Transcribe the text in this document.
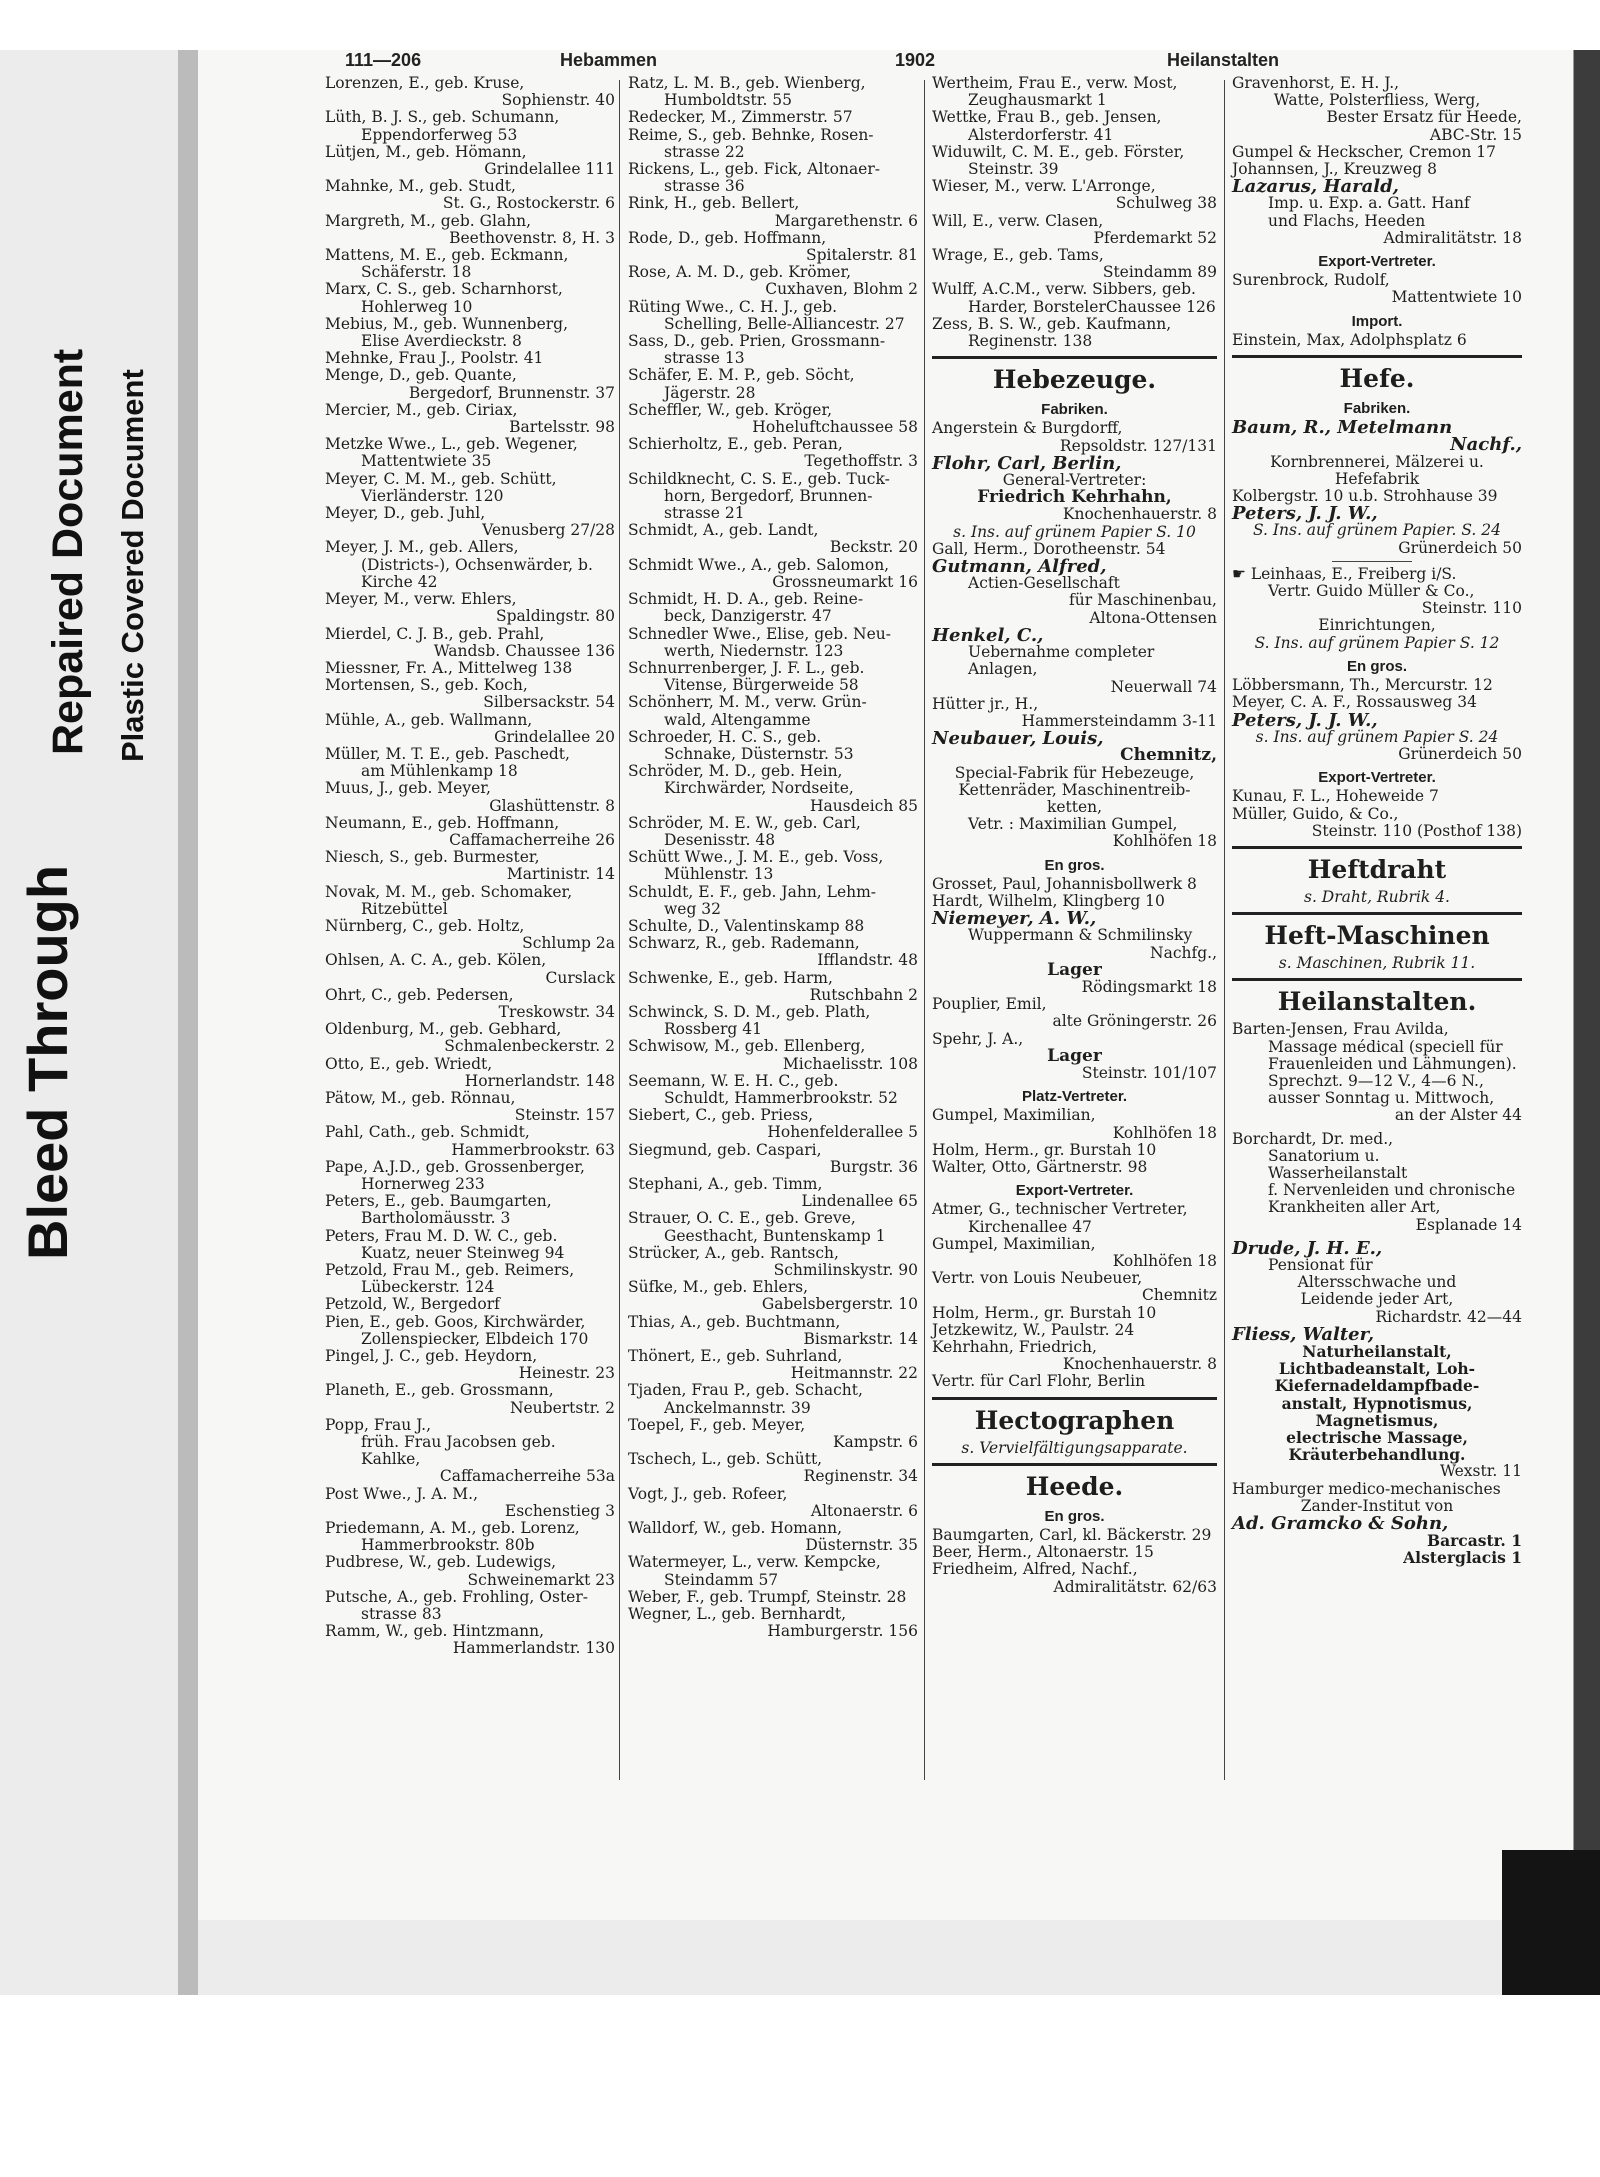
Bleed Through
Repaired Document Plastic Covered Document
111—206	Hebammen	1902	Heilanstalten
Lorenzen, E., geb. Kruse,
Sophienstr. 40
Lüth, B. J. S., geb. Schumann,
Eppendorferweg 53
Lütjen, M., geb. Hömann,
Grindelallee 111
Mahnke, M., geb. Studt,
St. G., Rostockerstr. 6
Margreth, M., geb. Glahn,
Beethovenstr. 8, H. 3
Mattens, M. E., geb. Eckmann,
Schäferstr. 18
Marx, C. S., geb. Scharnhorst,
Hohlerweg 10
Mebius, M., geb. Wunnenberg,
Elise Averdieckstr. 8
Mehnke, Frau J., Poolstr. 41
Menge, D., geb. Quante,
Bergedorf, Brunnenstr. 37
Mercier, M., geb. Ciriax,
Bartelsstr. 98
Metzke Wwe., L., geb. Wegener,
Mattentwiete 35
Meyer, C. M. M., geb. Schütt,
Vierländerstr. 120
Meyer, D., geb. Juhl,
Venusberg 27/28
Meyer, J. M., geb. Allers,
(Districts-), Ochsenwärder, b.
Kirche 42
Meyer, M., verw. Ehlers,
Spaldingstr. 80
Mierdel, C. J. B., geb. Prahl,
Wandsb. Chaussee 136
Miessner, Fr. A., Mittelweg 138
Mortensen, S., geb. Koch,
Silbersackstr. 54
Mühle, A., geb. Wallmann,
Grindelallee 20
Müller, M. T. E., geb. Paschedt,
am Mühlenkamp 18
Muus, J., geb. Meyer,
Glashüttenstr. 8
Neumann, E., geb. Hoffmann,
Caffamacherreihe 26
Niesch, S., geb. Burmester,
Martinistr. 14
Novak, M. M., geb. Schomaker,
Ritzebüttel
Nürnberg, C., geb. Holtz,
Schlump 2a
Ohlsen, A. C. A., geb. Kölen,
Curslack
Ohrt, C., geb. Pedersen,
Treskowstr. 34
Oldenburg, M., geb. Gebhard,
Schmalenbeckerstr. 2
Otto, E., geb. Wriedt,
Hornerlandstr. 148
Pätow, M., geb. Rönnau,
Steinstr. 157
Pahl, Cath., geb. Schmidt,
Hammerbrookstr. 63
Pape, A.J.D., geb. Grossenberger,
Hornerweg 233
Peters, E., geb. Baumgarten,
Bartholomäusstr. 3
Peters, Frau M. D. W. C., geb.
Kuatz, neuer Steinweg 94
Petzold, Frau M., geb. Reimers,
Lübeckerstr. 124
Petzold, W., Bergedorf
Pien, E., geb. Goos, Kirchwärder,
Zollenspiecker, Elbdeich 170
Pingel, J. C., geb. Heydorn,
Heinestr. 23
Planeth, E., geb. Grossmann,
Neubertstr. 2
Popp, Frau J.,
früh. Frau Jacobsen geb. Kahlke,
Caffamacherreihe 53a
Post Wwe., J. A. M.,
Eschenstieg 3
Priedemann, A. M., geb. Lorenz,
Hammerbrookstr. 80b
Pudbrese, W., geb. Ludewigs,
Schweinemarkt 23
Putsche, A., geb. Frohling, Oster-
strasse 83
Ramm, W., geb. Hintzmann,
Hammerlandstr. 130
Ratz, L. M. B., geb. Wienberg,
Humboldtstr. 55
Redecker, M., Zimmerstr. 57
Reime, S., geb. Behnke, Rosen-
strasse 22
Rickens, L., geb. Fick, Altonaer-
strasse 36
Rink, H., geb. Bellert,
Margarethenstr. 6
Rode, D., geb. Hoffmann,
Spitalerstr. 81
Rose, A. M. D., geb. Krömer,
Cuxhaven, Blohm 2
Rüting Wwe., C. H. J., geb.
Schelling, Belle-Alliancestr. 27
Sass, D., geb. Prien, Grossmann-
strasse 13
Schäfer, E. M. P., geb. Söcht,
Jägerstr. 28
Scheffler, W., geb. Kröger,
Hoheluftchaussee 58
Schierholtz, E., geb. Peran,
Tegethoffstr. 3
Schildknecht, C. S. E., geb. Tuck-
horn, Bergedorf, Brunnen-
strasse 21
Schmidt, A., geb. Landt,
Beckstr. 20
Schmidt Wwe., A., geb. Salomon,
Grossneumarkt 16
Schmidt, H. D. A., geb. Reine-
beck, Danzigerstr. 47
Schnedler Wwe., Elise, geb. Neu-
werth, Niedernstr. 123
Schnurrenberger, J. F. L., geb.
Vitense, Bürgerweide 58
Schönherr, M. M., verw. Grün-
wald, Altengamme
Schroeder, H. C. S., geb.
Schnake, Düsternstr. 53
Schröder, M. D., geb. Hein,
Kirchwärder, Nordseite,
Hausdeich 85
Schröder, M. E. W., geb. Carl,
Desenisstr. 48
Schütt Wwe., J. M. E., geb. Voss,
Mühlenstr. 13
Schuldt, E. F., geb. Jahn, Lehm-
weg 32
Schulte, D., Valentinskamp 88
Schwarz, R., geb. Rademann,
Ifflandstr. 48
Schwenke, E., geb. Harm,
Rutschbahn 2
Schwinck, S. D. M., geb. Plath,
Rossberg 41
Schwisow, M., geb. Ellenberg,
Michaelisstr. 108
Seemann, W. E. H. C., geb.
Schuldt, Hammerbrookstr. 52
Siebert, C., geb. Priess,
Hohenfelderallee 5
Siegmund, geb. Caspari,
Burgstr. 36
Stephani, A., geb. Timm,
Lindenallee 65
Strauer, O. C. E., geb. Greve,
Geesthacht, Buntenskamp 1
Strücker, A., geb. Rantsch,
Schmilinskystr. 90
Süfke, M., geb. Ehlers,
Gabelsbergerstr. 10
Thias, A., geb. Buchtmann,
Bismarkstr. 14
Thönert, E., geb. Suhrland,
Heitmannstr. 22
Tjaden, Frau P., geb. Schacht,
Anckelmannstr. 39
Toepel, F., geb. Meyer,
Kampstr. 6
Tschech, L., geb. Schütt,
Reginenstr. 34
Vogt, J., geb. Rofeer,
Altonaerstr. 6
Walldorf, W., geb. Homann,
Düsternstr. 35
Watermeyer, L., verw. Kempcke,
Steindamm 57
Weber, F., geb. Trumpf, Steinstr. 28
Wegner, L., geb. Bernhardt,
Hamburgerstr. 156
Wertheim, Frau E., verw. Most,
Zeughausmarkt 1
Wettke, Frau B., geb. Jensen,
Alsterdorferstr. 41
Widuwilt, C. M. E., geb. Förster,
Steinstr. 39
Wieser, M., verw. L'Arronge,
Schulweg 38
Will, E., verw. Clasen,
Pferdemarkt 52
Wrage, E., geb. Tams,
Steindamm 89
Wulff, A.C.M., verw. Sibbers, geb.
Harder, BorstelerChaussee 126
Zess, B. S. W., geb. Kaufmann,
Reginenstr. 138
Hebezeuge.
Fabriken.
Angerstein & Burgdorff,
Repsoldstr. 127/131
Flohr, Carl, Berlin,
General-Vertreter:
Friedrich Kehrhahn,
Knochenhauerstr. 8
s. Ins. auf grünem Papier S. 10
Gall, Herm., Dorotheenstr. 54
Gutmann, Alfred,
Actien-Gesellschaft
für Maschinenbau,
Altona-Ottensen
Henkel, C.,
Uebernahme completer Anlagen,
Neuerwall 74
Hütter jr., H.,
Hammersteindamm 3-11
Neubauer, Louis,
Chemnitz,
Special-Fabrik für Hebezeuge,
Kettenräder, Maschinentreib-
ketten,
Vetr. : Maximilian Gumpel,
Kohlhöfen 18
En gros.
Grosset, Paul, Johannisbollwerk 8
Hardt, Wilhelm, Klingberg 10
Niemeyer, A. W.,
Wuppermann & Schmilinsky
Nachfg.,
Lager
Rödingsmarkt 18
Pouplier, Emil,
alte Gröningerstr. 26
Spehr, J. A.,
Lager
Steinstr. 101/107
Platz-Vertreter.
Gumpel, Maximilian,
Kohlhöfen 18
Holm, Herm., gr. Burstah 10
Walter, Otto, Gärtnerstr. 98
Export-Vertreter.
Atmer, G., technischer Vertreter,
Kirchenallee 47
Gumpel, Maximilian,
Kohlhöfen 18
Vertr. von Louis Neubeuer,
Chemnitz
Holm, Herm., gr. Burstah 10
Jetzkewitz, W., Paulstr. 24
Kehrhahn, Friedrich,
Knochenhauerstr. 8
Vertr. für Carl Flohr, Berlin
Hectographen
s. Vervielfältigungsapparate.
Heede.
En gros.
Baumgarten, Carl, kl. Bäckerstr. 29
Beer, Herm., Altonaerstr. 15
Friedheim, Alfred, Nachf.,
Admiralitätstr. 62/63
Gravenhorst, E. H. J.,
Watte, Polsterfliess, Werg,
Bester Ersatz für Heede,
ABC-Str. 15
Gumpel & Heckscher, Cremon 17
Johannsen, J., Kreuzweg 8
Lazarus, Harald,
Imp. u. Exp. a. Gatt. Hanf
und Flachs, Heeden
Admiralitätstr. 18
Export-Vertreter.
Surenbrock, Rudolf,
Mattentwiete 10
Import.
Einstein, Max, Adolphsplatz 6
Hefe.
Fabriken.
Baum, R., Metelmann
Nachf.,
Kornbrennerei, Mälzerei u.
Hefefabrik
Kolbergstr. 10 u.b. Strohhause 39
Peters, J. J. W.,
S. Ins. auf grünem Papier. S. 24
Grünerdeich 50
☛ Leinhaas, E., Freiberg i/S.
Vertr. Guido Müller & Co.,
Steinstr. 110
Einrichtungen,
S. Ins. auf grünem Papier S. 12
En gros.
Löbbersmann, Th., Mercurstr. 12
Meyer, C. A. F., Rossausweg 34
Peters, J. J. W.,
s. Ins. auf grünem Papier S. 24
Grünerdeich 50
Export-Vertreter.
Kunau, F. L., Hoheweide 7
Müller, Guido, & Co.,
Steinstr. 110 (Posthof 138)
Heftdraht
s. Draht, Rubrik 4.
Heft-Maschinen
s. Maschinen, Rubrik 11.
Heilanstalten.
Barten-Jensen, Frau Avilda,
Massage médical (speciell für
Frauenleiden und Lähmungen).
Sprechzt. 9—12 V., 4—6 N.,
ausser Sonntag u. Mittwoch,
an der Alster 44
Borchardt, Dr. med.,
Sanatorium u. Wasserheilanstalt
f. Nervenleiden und chronische
Krankheiten aller Art,
Esplanade 14
Drude, J. H. E.,
Pensionat für
Altersschwache und
Leidende jeder Art,
Richardstr. 42—44
Fliess, Walter,
Naturheilanstalt,
Lichtbadeanstalt, Loh-
Kiefernadeldampfbade-
anstalt, Hypnotismus,
Magnetismus,
electrische Massage,
Kräuterbehandlung.
Wexstr. 11
Hamburger medico-mechanisches
Zander-Institut von
Ad. Gramcko & Sohn,
Barcastr. 1
Alsterglacis 1
